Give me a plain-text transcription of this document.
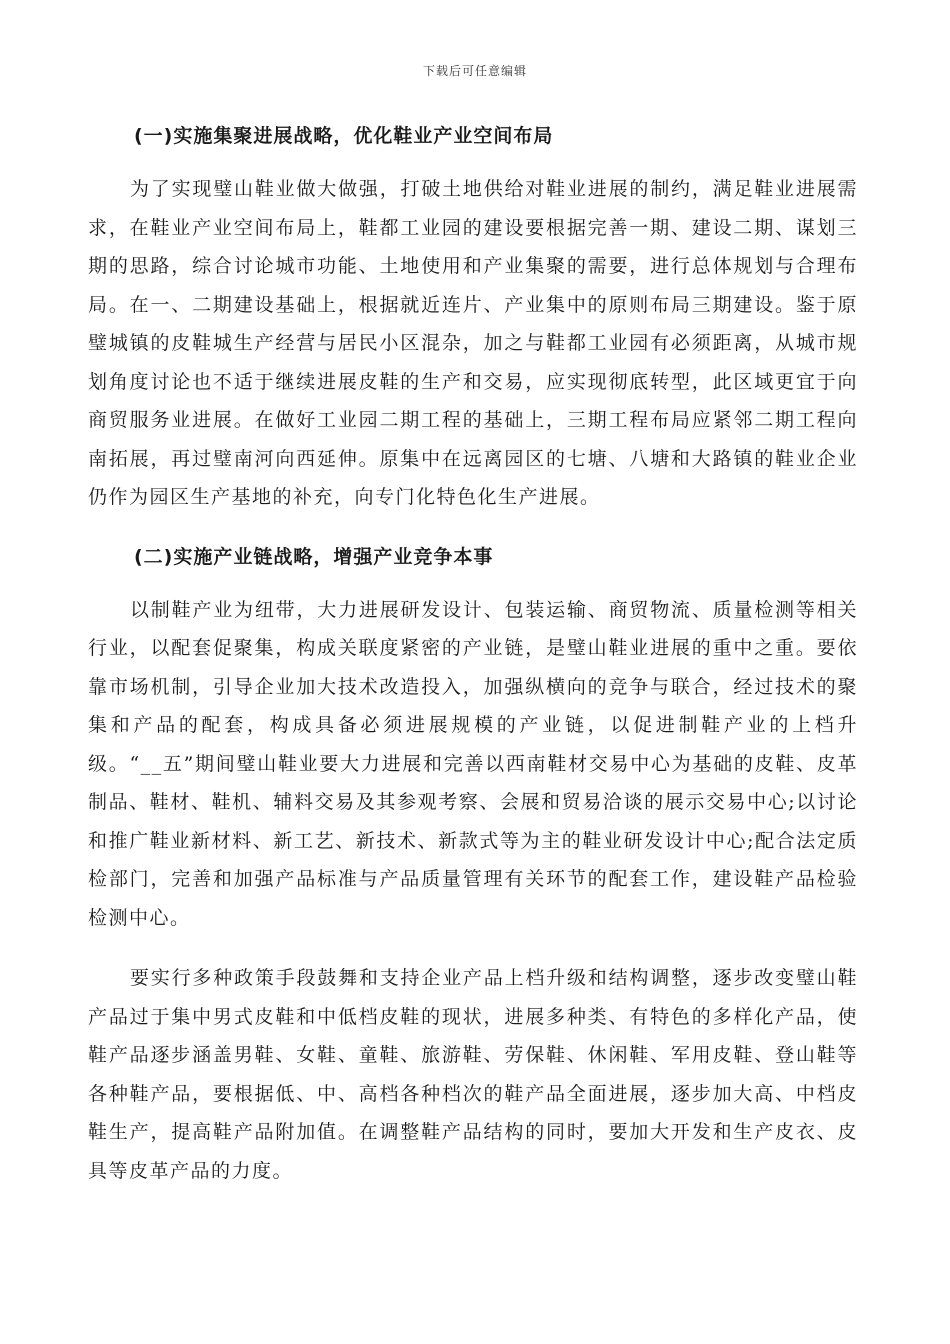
下载后可任意编辑
(一)实施集聚进展战略，优化鞋业产业空间布局

为了实现璧山鞋业做大做强，打破土地供给对鞋业进展的制约，满足鞋业进展需求，在鞋业产业空间布局上，鞋都工业园的建设要根据完善一期、建设二期、谋划三期的思路，综合讨论城市功能、土地使用和产业集聚的需要，进行总体规划与合理布局。在一、二期建设基础上，根据就近连片、产业集中的原则布局三期建设。鉴于原璧城镇的皮鞋城生产经营与居民小区混杂，加之与鞋都工业园有必须距离，从城市规划角度讨论也不适于继续进展皮鞋的生产和交易，应实现彻底转型，此区域更宜于向商贸服务业进展。在做好工业园二期工程的基础上，三期工程布局应紧邻二期工程向南拓展，再过璧南河向西延伸。原集中在远离园区的七塘、八塘和大路镇的鞋业企业仍作为园区生产基地的补充，向专门化特色化生产进展。

(二)实施产业链战略，增强产业竞争本事

以制鞋产业为纽带，大力进展研发设计、包装运输、商贸物流、质量检测等相关行业，以配套促聚集，构成关联度紧密的产业链，是璧山鞋业进展的重中之重。要依靠市场机制，引导企业加大技术改造投入，加强纵横向的竞争与联合，经过技术的聚集和产品的配套，构成具备必须进展规模的产业链，以促进制鞋产业的上档升级。“__五”期间璧山鞋业要大力进展和完善以西南鞋材交易中心为基础的皮鞋、皮革制品、鞋材、鞋机、辅料交易及其参观考察、会展和贸易洽谈的展示交易中心;以讨论和推广鞋业新材料、新工艺、新技术、新款式等为主的鞋业研发设计中心;配合法定质检部门，完善和加强产品标准与产品质量管理有关环节的配套工作，建设鞋产品检验检测中心。

要实行多种政策手段鼓舞和支持企业产品上档升级和结构调整，逐步改变璧山鞋产品过于集中男式皮鞋和中低档皮鞋的现状，进展多种类、有特色的多样化产品，使鞋产品逐步涵盖男鞋、女鞋、童鞋、旅游鞋、劳保鞋、休闲鞋、军用皮鞋、登山鞋等各种鞋产品，要根据低、中、高档各种档次的鞋产品全面进展，逐步加大高、中档皮鞋生产，提高鞋产品附加值。在调整鞋产品结构的同时，要加大开发和生产皮衣、皮具等皮革产品的力度。
